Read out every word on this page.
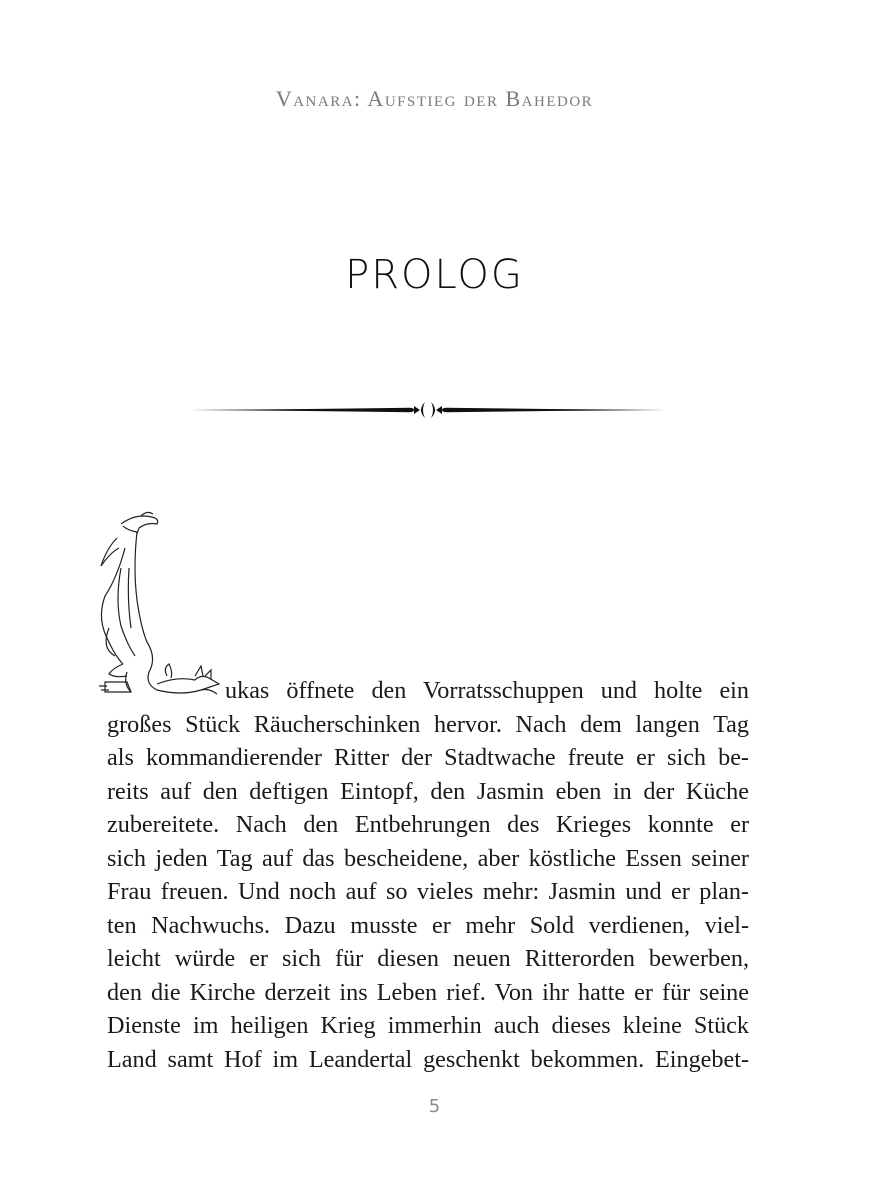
Vanara: Aufstieg der Bahedor
PROLOG
ukas öffnete den Vorratsschuppen und holte ein
großes Stück Räucherschinken hervor. Nach dem langen Tag
als kommandierender Ritter der Stadtwache freute er sich be-
reits auf den deftigen Eintopf, den Jasmin eben in der Küche
zubereitete. Nach den Entbehrungen des Krieges konnte er
sich jeden Tag auf das bescheidene, aber köstliche Essen seiner
Frau freuen. Und noch auf so vieles mehr: Jasmin und er plan-
ten Nachwuchs. Dazu musste er mehr Sold verdienen, viel-
leicht würde er sich für diesen neuen Ritterorden bewerben,
den die Kirche derzeit ins Leben rief. Von ihr hatte er für seine
Dienste im heiligen Krieg immerhin auch dieses kleine Stück
Land samt Hof im Leandertal geschenkt bekommen. Eingebet-
5
